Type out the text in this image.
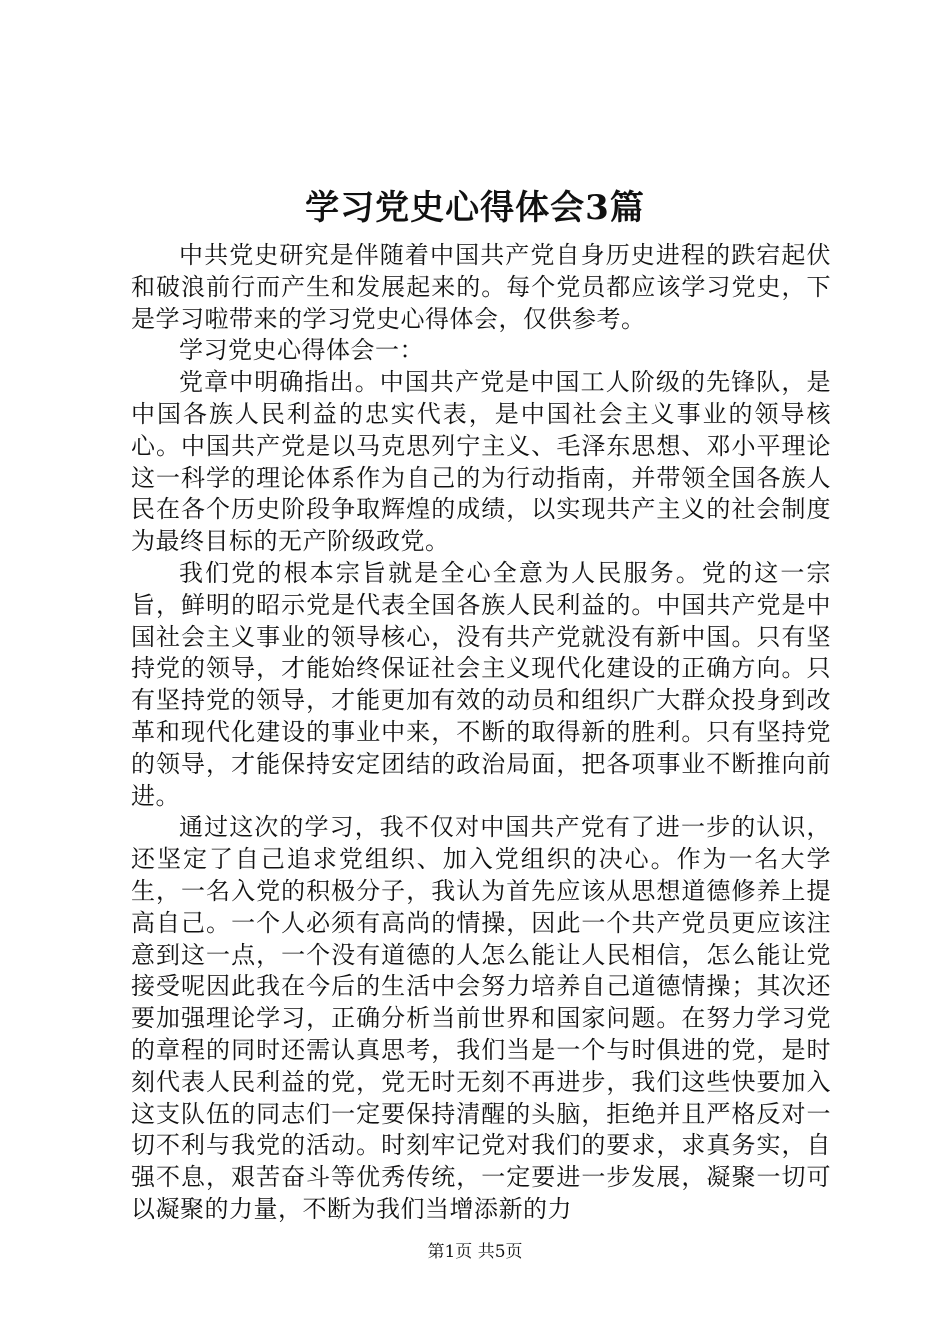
学习党史心得体会3篇

中共党史研究是伴随着中国共产党自身历史进程的跌宕起伏和破浪前行而产生和发展起来的。每个党员都应该学习党史，下是学习啦带来的学习党史心得体会，仅供参考。

学习党史心得体会一：

党章中明确指出。中国共产党是中国工人阶级的先锋队，是中国各族人民利益的忠实代表，是中国社会主义事业的领导核心。中国共产党是以马克思列宁主义、毛泽东思想、邓小平理论这一科学的理论体系作为自己的为行动指南，并带领全国各族人民在各个历史阶段争取辉煌的成绩，以实现共产主义的社会制度为最终目标的无产阶级政党。

我们党的根本宗旨就是全心全意为人民服务。党的这一宗旨，鲜明的昭示党是代表全国各族人民利益的。中国共产党是中国社会主义事业的领导核心，没有共产党就没有新中国。只有坚持党的领导，才能始终保证社会主义现代化建设的正确方向。只有坚持党的领导，才能更加有效的动员和组织广大群众投身到改革和现代化建设的事业中来，不断的取得新的胜利。只有坚持党的领导，才能保持安定团结的政治局面，把各项事业不断推向前进。

通过这次的学习，我不仅对中国共产党有了进一步的认识，还坚定了自己追求党组织、加入党组织的决心。作为一名大学生，一名入党的积极分子，我认为首先应该从思想道德修养上提高自己。一个人必须有高尚的情操，因此一个共产党员更应该注意到这一点，一个没有道德的人怎么能让人民相信，怎么能让党接受呢因此我在今后的生活中会努力培养自己道德情操；其次还要加强理论学习，正确分析当前世界和国家问题。在努力学习党的章程的同时还需认真思考，我们当是一个与时俱进的党，是时刻代表人民利益的党，党无时无刻不再进步，我们这些快要加入这支队伍的同志们一定要保持清醒的头脑，拒绝并且严格反对一切不利与我党的活动。时刻牢记党对我们的要求，求真务实，自强不息，艰苦奋斗等优秀传统，一定要进一步发展，凝聚一切可以凝聚的力量，不断为我们当增添新的力

第1页 共5页
